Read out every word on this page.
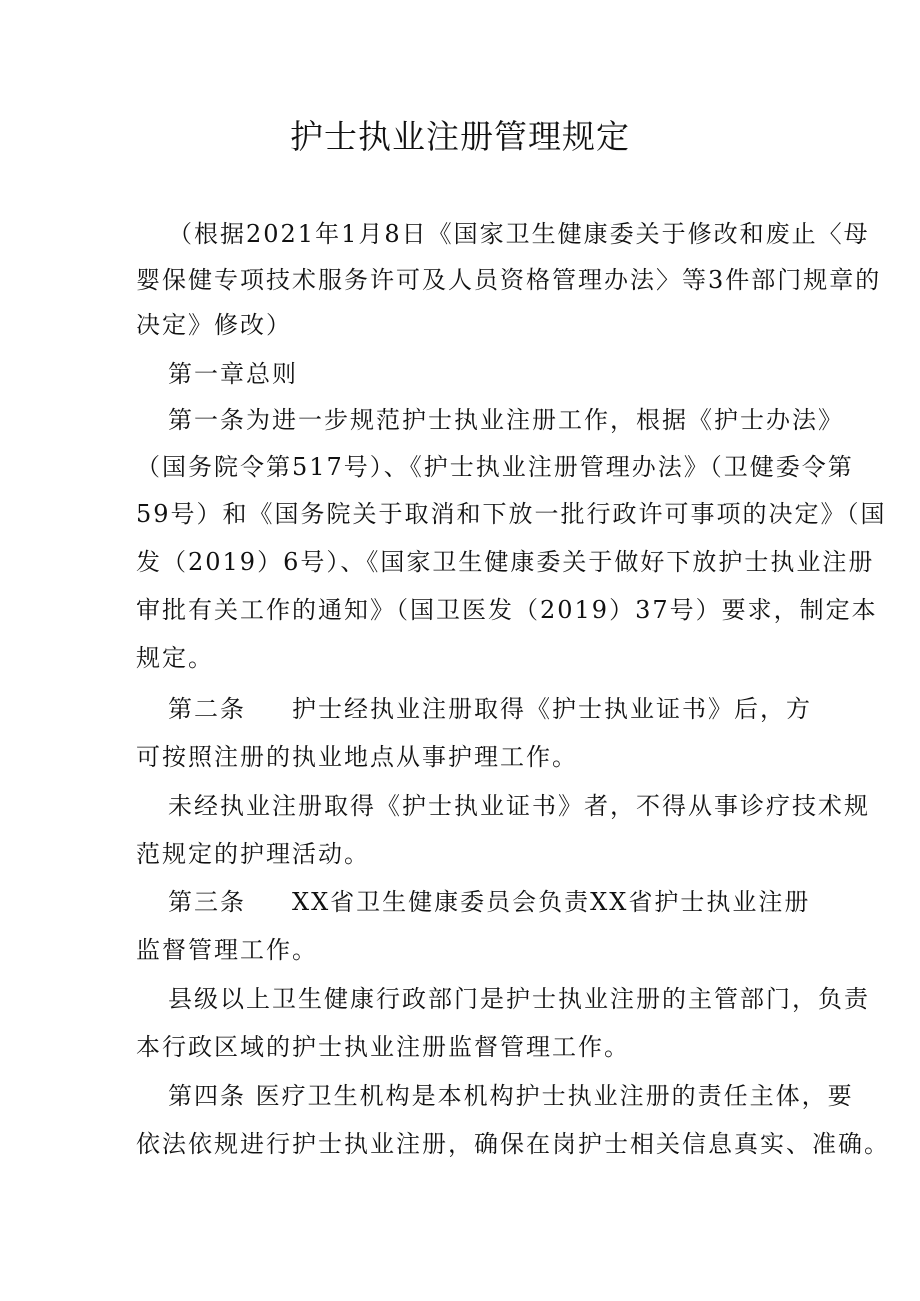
护士执业注册管理规定
（根据2021年1月8日《国家卫生健康委关于修改和废止〈母
婴保健专项技术服务许可及人员资格管理办法〉等3件部门规章的
决定》修改）
第一章总则
第一条为进一步规范护士执业注册工作，根据《护士办法》
（国务院令第517号）、《护士执业注册管理办法》（卫健委令第
59号）和《国务院关于取消和下放一批行政许可事项的决定》（国
发（2019）6号）、《国家卫生健康委关于做好下放护士执业注册
审批有关工作的通知》（国卫医发（2019）37号）要求，制定本
规定。
第二条 护士经执业注册取得《护士执业证书》后，方
可按照注册的执业地点从事护理工作。
未经执业注册取得《护士执业证书》者，不得从事诊疗技术规
范规定的护理活动。
第三条 XX省卫生健康委员会负责XX省护士执业注册
监督管理工作。
县级以上卫生健康行政部门是护士执业注册的主管部门，负责
本行政区域的护士执业注册监督管理工作。
第四条 医疗卫生机构是本机构护士执业注册的责任主体，要
依法依规进行护士执业注册，确保在岗护士相关信息真实、准确。
